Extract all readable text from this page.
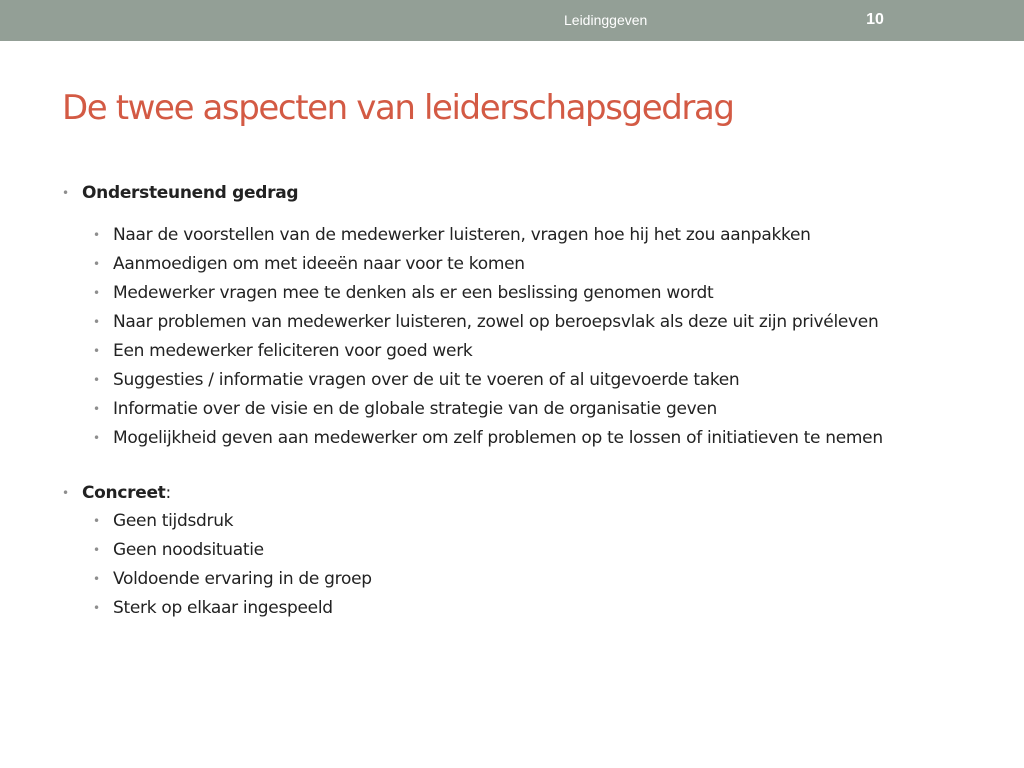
Leidinggeven	10
De twee aspecten van leiderschapsgedrag
• Ondersteunend gedrag
• Naar de voorstellen van de medewerker luisteren, vragen hoe hij het zou aanpakken
• Aanmoedigen om met ideeën naar voor te komen
• Medewerker vragen mee te denken als er een beslissing genomen wordt
• Naar problemen van medewerker luisteren, zowel op beroepsvlak als deze uit zijn privéleven
• Een medewerker feliciteren voor goed werk
• Suggesties / informatie vragen over de uit te voeren of al uitgevoerde taken
• Informatie over de visie en de globale strategie van de organisatie geven
• Mogelijkheid geven aan medewerker om zelf problemen op te lossen of initiatieven te nemen
• Concreet:
• Geen tijdsdruk
• Geen noodsituatie
• Voldoende ervaring in de groep
• Sterk op elkaar ingespeeld
